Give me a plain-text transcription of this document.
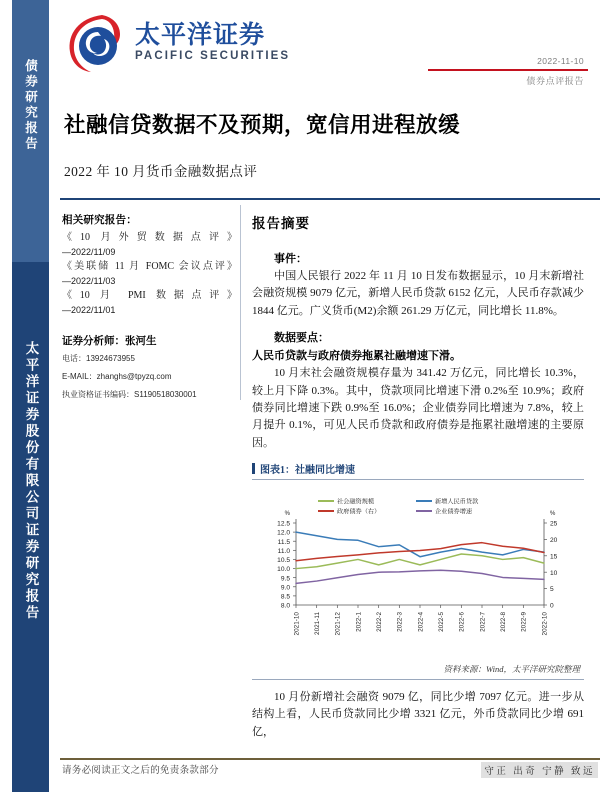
债券研究报告
太平洋证券股份有限公司证券研究报告
太平洋证券
PACIFIC SECURITIES	2022-11-10
债券点评报告
社融信贷数据不及预期，宽信用进程放缓
2022 年 10 月货币金融数据点评
相关研究报告：
《10 月外贸数据点评》
—2022/11/09
《美联储 11 月 FOMC 会议点评》
—2022/11/03
《10 月 PMI 数据点评》
—2022/11/01
证券分析师：张河生
电话：13924673955
E-MAIL：zhanghs@tpyzq.com
执业资格证书编码：S1190518030001
报告摘要
事件：

中国人民银行 2022 年 11 月 10 日发布数据显示，10 月末新增社会融资规模 9079 亿元，新增人民币贷款 6152 亿元，人民币存款减少 1844 亿元。广义货币(M2)余额 261.29 万亿元，同比增长 11.8%。

数据要点：
人民币贷款与政府债券拖累社融增速下滑。

10 月末社会融资规模存量为 341.42 万亿元，同比增长 10.3%，较上月下降 0.3%。其中，贷款项同比增速下滑 0.2%至 10.9%；政府债券同比增速下跌 0.9%至 16.0%；企业债券同比增速为 7.8%，较上月提升 0.1%，可见人民币贷款和政府债券是拖累社融增速的主要原因。

图表1：社融同比增速
8.0
8.5
9.0
9.5
10.0
10.5
11.0
11.5
12.0
12.5
%
0
5
10
15
20
25
%
2021-10 2021-11 2021-12 2022-1 2022-2 2022-3 2022-4 2022-5 2022-6 2022-7 2022-8 2022-9 2022-10
社会融资规模	新增人民币贷款
政府债券（右）	企业债券增速
资料来源：Wind，太平洋研究院整理

10 月份新增社会融资 9079 亿，同比少增 7097 亿元。进一步从结构上看，人民币贷款同比少增 3321 亿元，外币贷款同比少增 691 亿，

请务必阅读正文之后的免责条款部分	守正 出奇 宁静 致远
